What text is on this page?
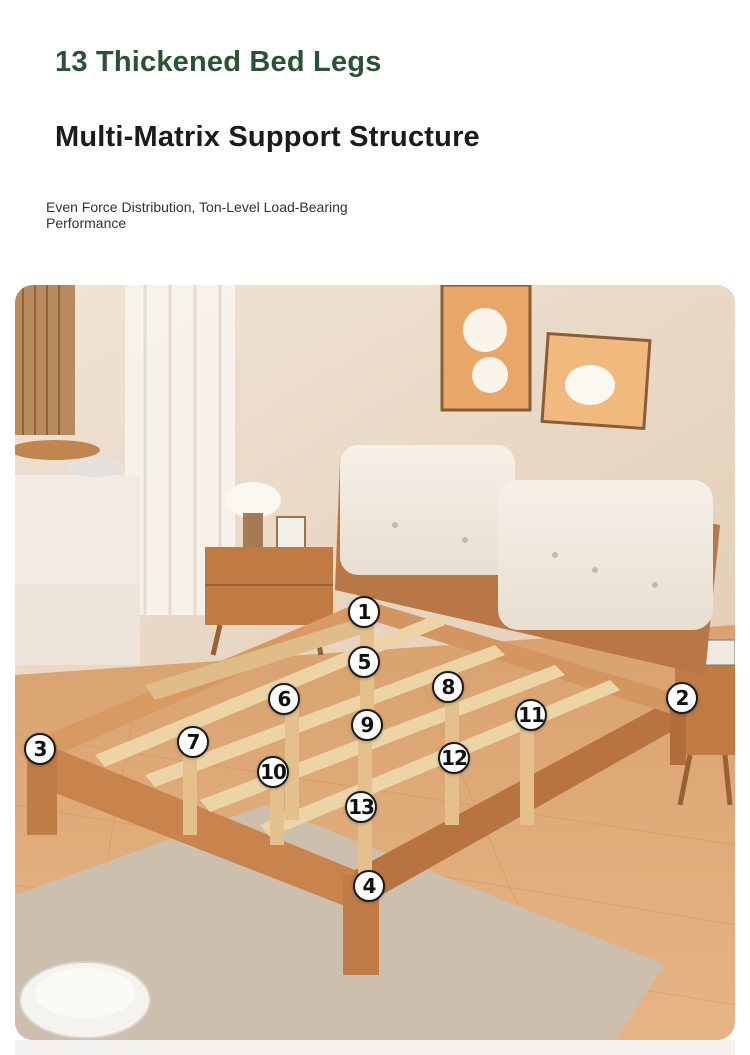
13 Thickened Bed Legs
Multi-Matrix Support Structure
Even Force Distribution, Ton-Level Load-Bearing Performance
1
2
3
4
5
6
7
8
9
10
11
12
13
